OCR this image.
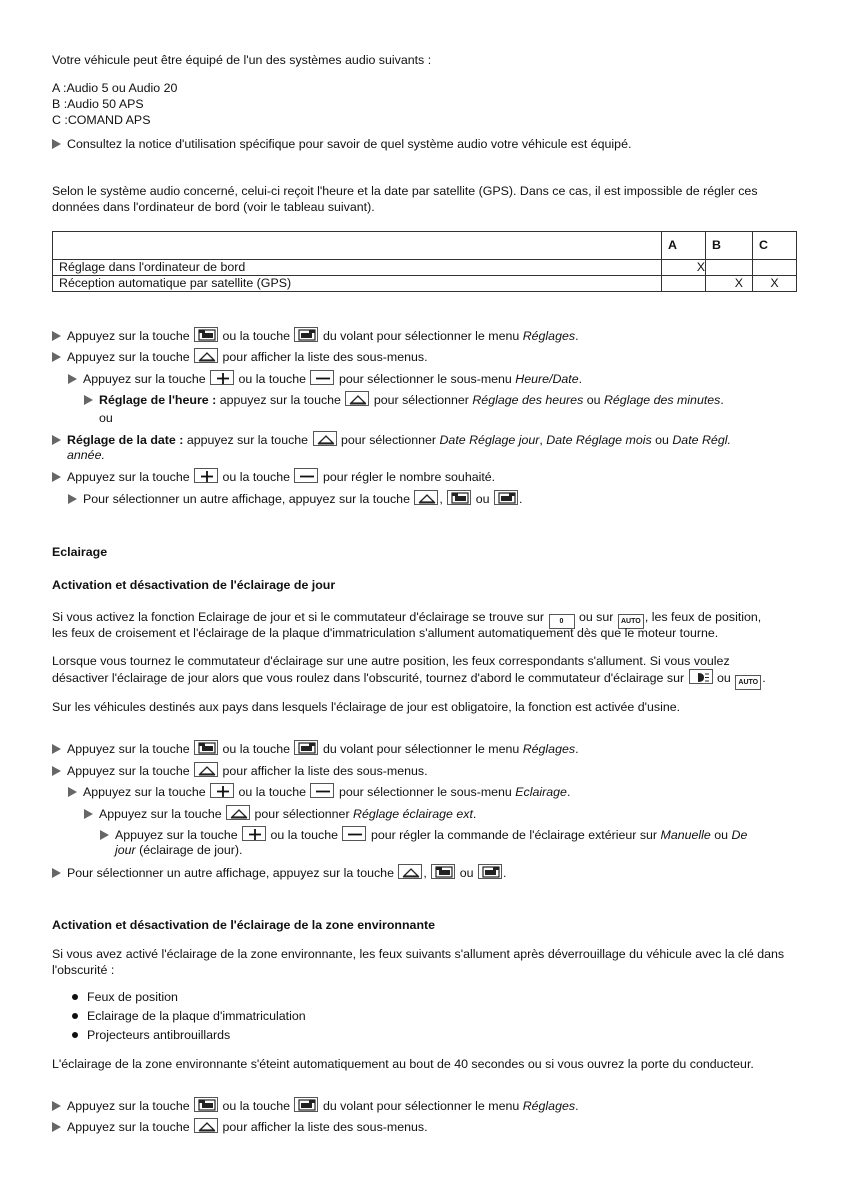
Votre véhicule peut être équipé de l'un des systèmes audio suivants :
A :Audio 5 ou Audio 20
B :Audio 50 APS
C :COMAND APS
Consultez la notice d'utilisation spécifique pour savoir de quel système audio votre véhicule est équipé.
Selon le système audio concerné, celui-ci reçoit l'heure et la date par satellite (GPS). Dans ce cas, il est impossible de régler ces données dans l'ordinateur de bord (voir le tableau suivant).
	A	B	C
Réglage dans l'ordinateur de bord	X		
Réception automatique par satellite (GPS)		X	X
Appuyez sur la touche	ou la touche	du volant pour sélectionner le menu Réglages.
Appuyez sur la touche	pour afficher la liste des sous-menus.
Appuyez sur la touche	ou la touche	pour sélectionner le sous-menu Heure/Date.
Réglage de l'heure : appuyez sur la touche	pour sélectionner Réglage des heures ou Réglage des minutes.
ou
Réglage de la date : appuyez sur la touche	pour sélectionner Date Réglage jour, Date Réglage mois ou Date Régl.
année.
Appuyez sur la touche	ou la touche	pour régler le nombre souhaité.
Pour sélectionner un autre affichage, appuyez sur la touche ,	ou .
Eclairage
Activation et désactivation de l'éclairage de jour
Si vous activez la fonction Eclairage de jour et si le commutateur d'éclairage se trouve sur 0 ou sur AUTO , les feux de position,
les feux de croisement et l'éclairage de la plaque d'immatriculation s'allument automatiquement dès que le moteur tourne.
Lorsque vous tournez le commutateur d'éclairage sur une autre position, les feux correspondants s'allument. Si vous voulez
désactiver l'éclairage de jour alors que vous roulez dans l'obscurité, tournez d'abord le commutateur d'éclairage sur	ou AUTO .
Sur les véhicules destinés aux pays dans lesquels l'éclairage de jour est obligatoire, la fonction est activée d'usine.
Appuyez sur la touche	ou la touche	du volant pour sélectionner le menu Réglages.
Appuyez sur la touche	pour afficher la liste des sous-menus.
Appuyez sur la touche	ou la touche	pour sélectionner le sous-menu Eclairage.
Appuyez sur la touche	pour sélectionner Réglage éclairage ext.
Appuyez sur la touche	ou la touche	pour régler la commande de l'éclairage extérieur sur Manuelle ou De
jour (éclairage de jour).
Pour sélectionner un autre affichage, appuyez sur la touche ,	ou .
Activation et désactivation de l'éclairage de la zone environnante
Si vous avez activé l'éclairage de la zone environnante, les feux suivants s'allument après déverrouillage du véhicule avec la clé dans l'obscurité :
Feux de position
Eclairage de la plaque d'immatriculation
Projecteurs antibrouillards
L'éclairage de la zone environnante s'éteint automatiquement au bout de 40 secondes ou si vous ouvrez la porte du conducteur.
Appuyez sur la touche	ou la touche	du volant pour sélectionner le menu Réglages.
Appuyez sur la touche	pour afficher la liste des sous-menus.
